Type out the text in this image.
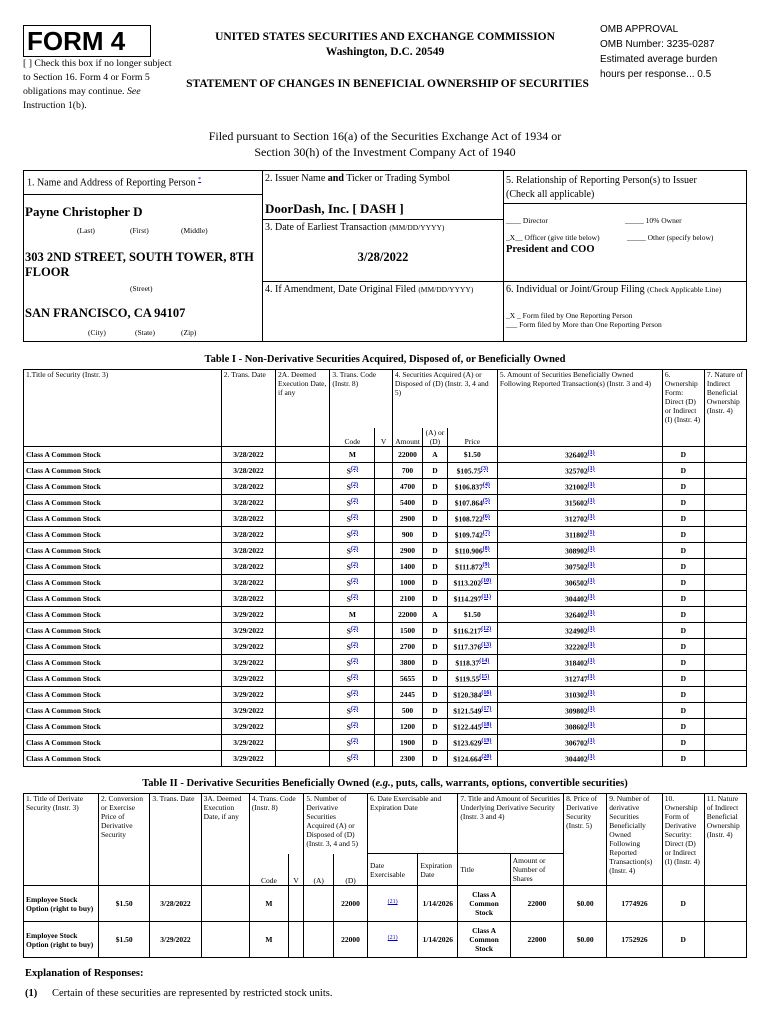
FORM 4
[ ] Check this box if no longer subject to Section 16. Form 4 or Form 5 obligations may continue. See Instruction 1(b).
UNITED STATES SECURITIES AND EXCHANGE COMMISSION
Washington, D.C. 20549
STATEMENT OF CHANGES IN BENEFICIAL OWNERSHIP OF SECURITIES
OMB APPROVAL
OMB Number: 3235-0287
Estimated average burden
hours per response... 0.5
Filed pursuant to Section 16(a) of the Securities Exchange Act of 1934 or
Section 30(h) of the Investment Company Act of 1940
1. Name and Address of Reporting Person *
Payne Christopher D
(Last)	(First)	(Middle)
303 2ND STREET, SOUTH TOWER, 8TH FLOOR
(Street)
SAN FRANCISCO, CA 94107
(City)	(State)	(Zip)
2. Issuer Name and Ticker or Trading Symbol
DoorDash, Inc. [ DASH ]
3. Date of Earliest Transaction (MM/DD/YYYY)
3/28/2022
4. If Amendment, Date Original Filed (MM/DD/YYYY)
5. Relationship of Reporting Person(s) to Issuer
(Check all applicable)
____ Director	_____ 10% Owner
_X__ Officer (give title below)	_____ Other (specify below)
President and COO
6. Individual or Joint/Group Filing (Check Applicable Line)
_X _ Form filed by One Reporting Person
___ Form filed by More than One Reporting Person
Table I - Non-Derivative Securities Acquired, Disposed of, or Beneficially Owned
1.Title of Security (Instr. 3)	2. Trans. Date	2A. Deemed Execution Date, if any	3. Trans. Code (Instr. 8)		4. Securities Acquired (A) or Disposed of (D) (Instr. 3, 4 and 5)			5. Amount of Securities Beneficially Owned Following Reported Transaction(s) (Instr. 3 and 4)	6. Ownership Form: Direct (D) or Indirect (I) (Instr. 4)	7. Nature of Indirect Beneficial Ownership (Instr. 4)
			Code	V	Amount	(A) or (D)	Price			
Class A Common Stock	3/28/2022		M		22000	A	$1.50	326402$^{(1)}$	D	
Class A Common Stock	3/28/2022		$S^{(2)}$		700	D	$105.75$^{(3)}$	325702$^{(1)}$	D	
Class A Common Stock	3/28/2022		$S^{(2)}$		4700	D	$106.837$^{(4)}$	321002$^{(1)}$	D	
Class A Common Stock	3/28/2022		$S^{(2)}$		5400	D	$107.864$^{(5)}$	315602$^{(1)}$	D	
Class A Common Stock	3/28/2022		$S^{(2)}$		2900	D	$108.722$^{(6)}$	312702$^{(1)}$	D	
Class A Common Stock	3/28/2022		$S^{(2)}$		900	D	$109.742$^{(7)}$	311802$^{(1)}$	D	
Class A Common Stock	3/28/2022		$S^{(2)}$		2900	D	$110.906$^{(8)}$	308902$^{(1)}$	D	
Class A Common Stock	3/28/2022		$S^{(2)}$		1400	D	$111.872$^{(9)}$	307502$^{(1)}$	D	
Class A Common Stock	3/28/2022		$S^{(2)}$		1000	D	$113.202$^{(10)}$	306502$^{(1)}$	D	
Class A Common Stock	3/28/2022		$S^{(2)}$		2100	D	$114.297$^{(11)}$	304402$^{(1)}$	D	
Class A Common Stock	3/29/2022		M		22000	A	$1.50	326402$^{(1)}$	D	
Class A Common Stock	3/29/2022		$S^{(2)}$		1500	D	$116.217$^{(12)}$	324902$^{(1)}$	D	
Class A Common Stock	3/29/2022		$S^{(2)}$		2700	D	$117.376$^{(13)}$	322202$^{(1)}$	D	
Class A Common Stock	3/29/2022		$S^{(2)}$		3800	D	$118.37$^{(14)}$	318402$^{(1)}$	D	
Class A Common Stock	3/29/2022		$S^{(2)}$		5655	D	$119.55$^{(15)}$	312747$^{(1)}$	D	
Class A Common Stock	3/29/2022		$S^{(2)}$		2445	D	$120.384$^{(16)}$	310302$^{(1)}$	D	
Class A Common Stock	3/29/2022		$S^{(2)}$		500	D	$121.549$^{(17)}$	309802$^{(1)}$	D	
Class A Common Stock	3/29/2022		$S^{(2)}$		1200	D	$122.445$^{(18)}$	308602$^{(1)}$	D	
Class A Common Stock	3/29/2022		$S^{(2)}$		1900	D	$123.629$^{(19)}$	306702$^{(1)}$	D	
Class A Common Stock	3/29/2022		$S^{(2)}$		2300	D	$124.664$^{(20)}$	304402$^{(1)}$	D	
Table II - Derivative Securities Beneficially Owned (e.g., puts, calls, warrants, options, convertible securities)
1. Title of Derivate Security (Instr. 3)	2. Conversion or Exercise Price of Derivative Security	3. Trans. Date	3A. Deemed Execution Date, if any	4. Trans. Code (Instr. 8)		5. Number of Derivative Securities Acquired (A) or Disposed of (D) (Instr. 3, 4 and 5)		6. Date Exercisable and Expiration Date		7. Title and Amount of Securities Underlying Derivative Security (Instr. 3 and 4)		8. Price of Derivative Security (Instr. 5)	9. Number of derivative Securities Beneficially Owned Following Reported Transaction(s) (Instr. 4)	10. Ownership Form of Derivative Security: Direct (D) or Indirect (I) (Instr. 4)	11. Nature of Indirect Beneficial Ownership (Instr. 4)
				Code	V	(A)	(D)	Date Exercisable	Expiration Date	Title	Amount or Number of Shares				
Employee Stock Option (right to buy)	$1.50	3/28/2022		M			22000	$^{(21)}$	1/14/2026	Class A Common Stock	22000	$0.00	1774926	D	
Employee Stock Option (right to buy)	$1.50	3/29/2022		M			22000	$^{(21)}$	1/14/2026	Class A Common Stock	22000	$0.00	1752926	D	
Explanation of Responses:
(1) Certain of these securities are represented by restricted stock units.
